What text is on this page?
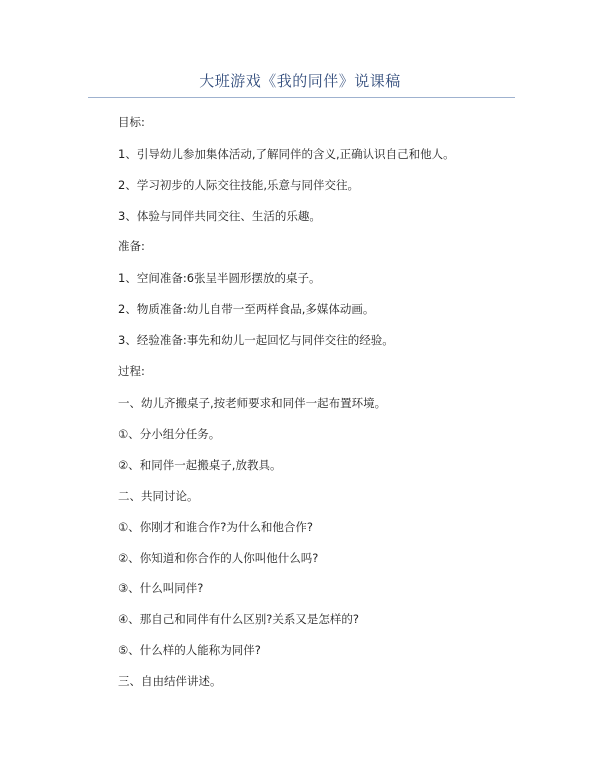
大班游戏《我的同伴》说课稿
目标:
1、引导幼儿参加集体活动,了解同伴的含义,正确认识自己和他人。
2、学习初步的人际交往技能,乐意与同伴交往。
3、体验与同伴共同交往、生活的乐趣。
准备:
1、空间准备:6张呈半圆形摆放的桌子。
2、物质准备:幼儿自带一至两样食品,多媒体动画。
3、经验准备:事先和幼儿一起回忆与同伴交往的经验。
过程:
一、幼儿齐搬桌子,按老师要求和同伴一起布置环境。
①、分小组分任务。
②、和同伴一起搬桌子,放教具。
二、共同讨论。
①、你刚才和谁合作?为什么和他合作?
②、你知道和你合作的人你叫他什么吗?
③、什么叫同伴?
④、那自己和同伴有什么区别?关系又是怎样的?
⑤、什么样的人能称为同伴?
三、自由结伴讲述。
